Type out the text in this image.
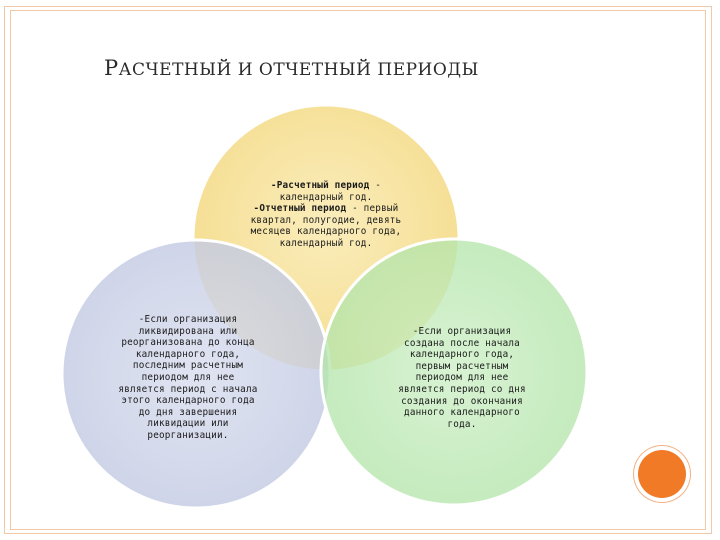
РАСЧЕТНЫЙ И ОТЧЕТНЫЙ ПЕРИОДЫ
-Расчетный период -
календарный год.
-Отчетный период - первый
квартал, полугодие, девять
месяцев календарного года,
календарный год.
-Если организация
ликвидирована или
реорганизована до конца
календарного года,
последним расчетным
периодом для нее
является период с начала
этого календарного года
до дня завершения
ликвидации или
реорганизации.
-Если организация
создана после начала
календарного года,
первым расчетным
периодом для нее
является период со дня
создания до окончания
данного календарного
года.
